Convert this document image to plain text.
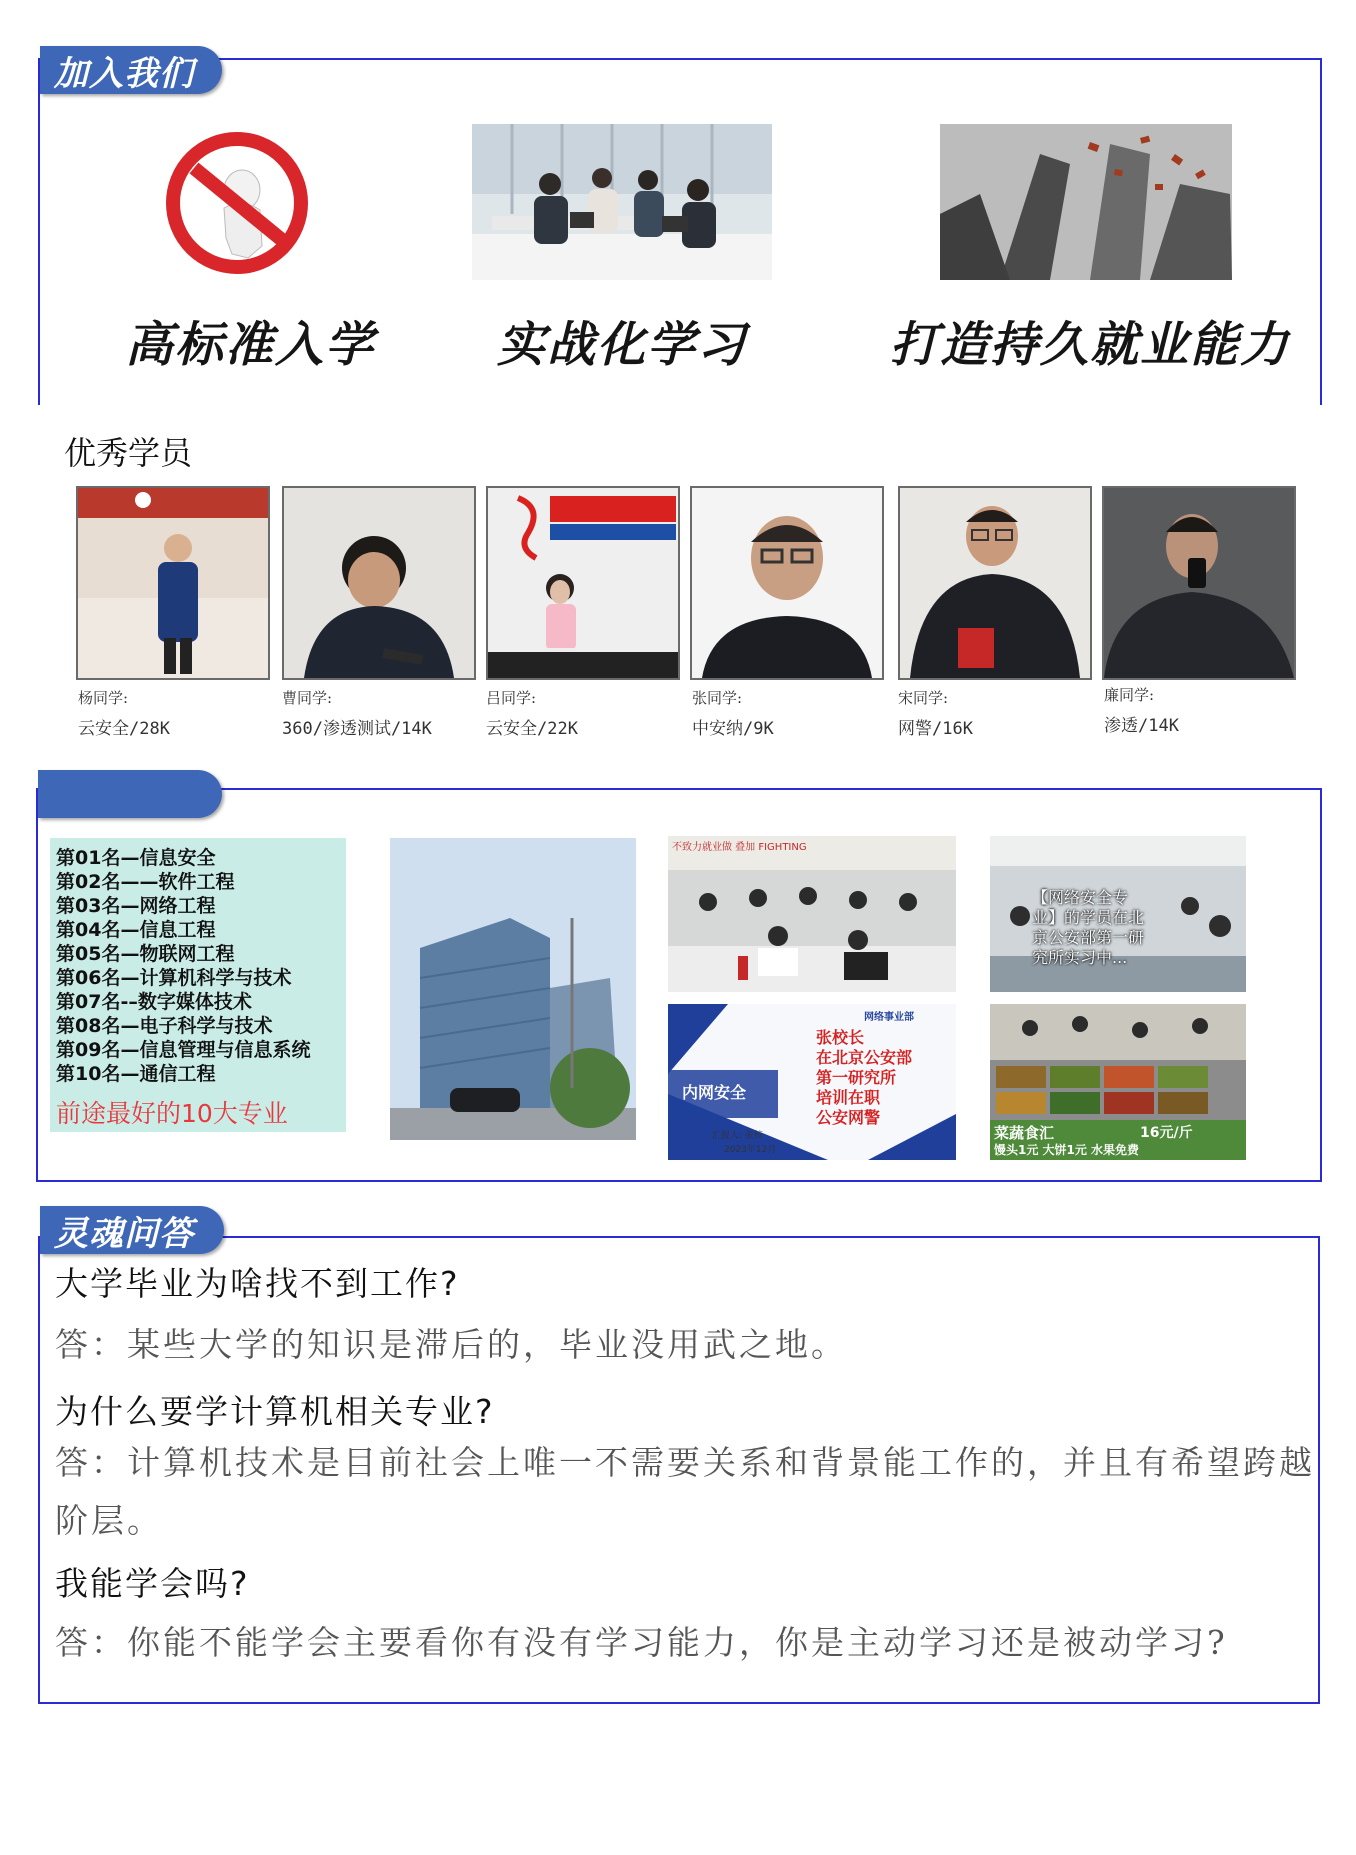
加入我们
高标准入学	实战化学习	打造持久就业能力
优秀学员
杨同学:
云安全/28K
曹同学:
360/渗透测试/14K
吕同学:
云安全/22K
张同学:
中安纳/9K
宋同学:
网警/16K
廉同学:
渗透/14K
第01名—信息安全
第02名——软件工程
第03名—网络工程
第04名—信息工程
第05名—物联网工程
第06名—计算机科学与技术
第07名-–数字媒体技术
第08名—电子科学与技术
第09名—信息管理与信息系统
第10名—通信工程
前途最好的10大专业
不致力就业做 叠加 FIGHTING
【网络安全专
业】的学员在北
京公安部第一研
究所实习中...
内网安全
网络事业部
汇报人: 张校
2023年12月
张校长
在北京公安部
第一研究所
培训在职
公安网警
菜蔬食汇	16元/斤
馒头1元 大饼1元 水果免费
灵魂问答
大学毕业为啥找不到工作?
答：某些大学的知识是滞后的，毕业没用武之地。
为什么要学计算机相关专业?
答：计算机技术是目前社会上唯一不需要关系和背景能工作的，并且有希望跨越阶层。
我能学会吗?
答：你能不能学会主要看你有没有学习能力，你是主动学习还是被动学习?
